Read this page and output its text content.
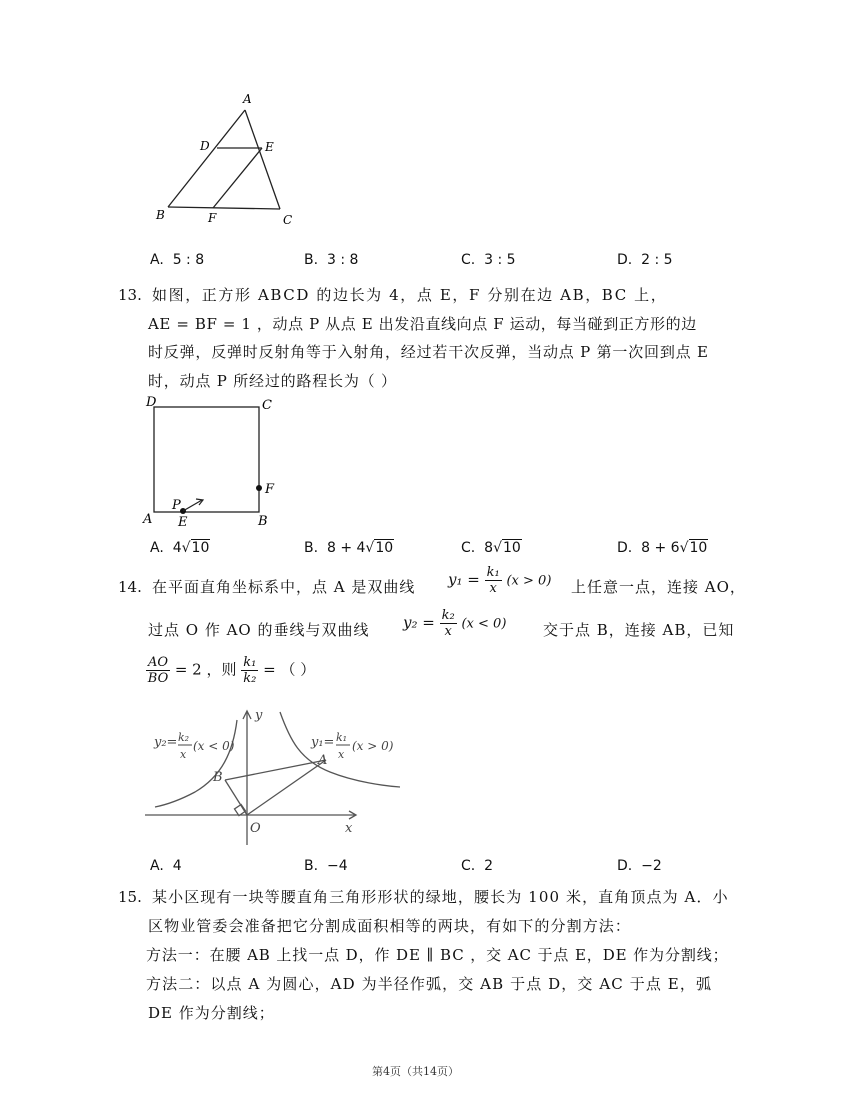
A
D	E
B	F	C
A. 5 : 8	B. 3 : 8	C. 3 : 5	D. 2 : 5
13. 如图，正方形 ABCD 的边长为 4，点 E，F 分别在边 AB，BC 上，
AE = BF = 1 ，动点 P 从点 E 出发沿直线向点 F 运动，每当碰到正方形的边
时反弹，反弹时反射角等于入射角，经过若干次反弹，当动点 P 第一次回到点 E
时，动点 P 所经过的路程长为（ ）
D	C
F
A
P
E	B
A. 4√10	B. 8 + 4√10	C. 8√10	D. 8 + 6√10
14. 在平面直角坐标系中，点 A 是双曲线 $y_1 = \frac{\text{k₁}}{x} (x > 0)$ 上任意一点，连接 AO，
过点 O 作 AO 的垂线与双曲线 $y_2 = \frac{\text{k₂}}{x} (x < 0)$ 交于点 B，连接 AB，已知
$\frac{AO}{BO} = 2$ ，则 $\frac{\text{k₁}}{\text{k₂}}$ = （ ）
y₂= k₂
x
(x < 0)	y₁= k₁
x
(x > 0)
y
x
O
A
B
A. 4	B. −4	C. 2	D. −2
15. 某小区现有一块等腰直角三角形形状的绿地，腰长为 100 米，直角顶点为 A．小
区物业管委会准备把它分割成面积相等的两块，有如下的分割方法：
方法一：在腰 AB 上找一点 D，作 DE ∥ BC ，交 AC 于点 E，DE 作为分割线；
方法二：以点 A 为圆心，AD 为半径作弧，交 AB 于点 D，交 AC 于点 E，弧
DE 作为分割线；
第4页（共14页）
